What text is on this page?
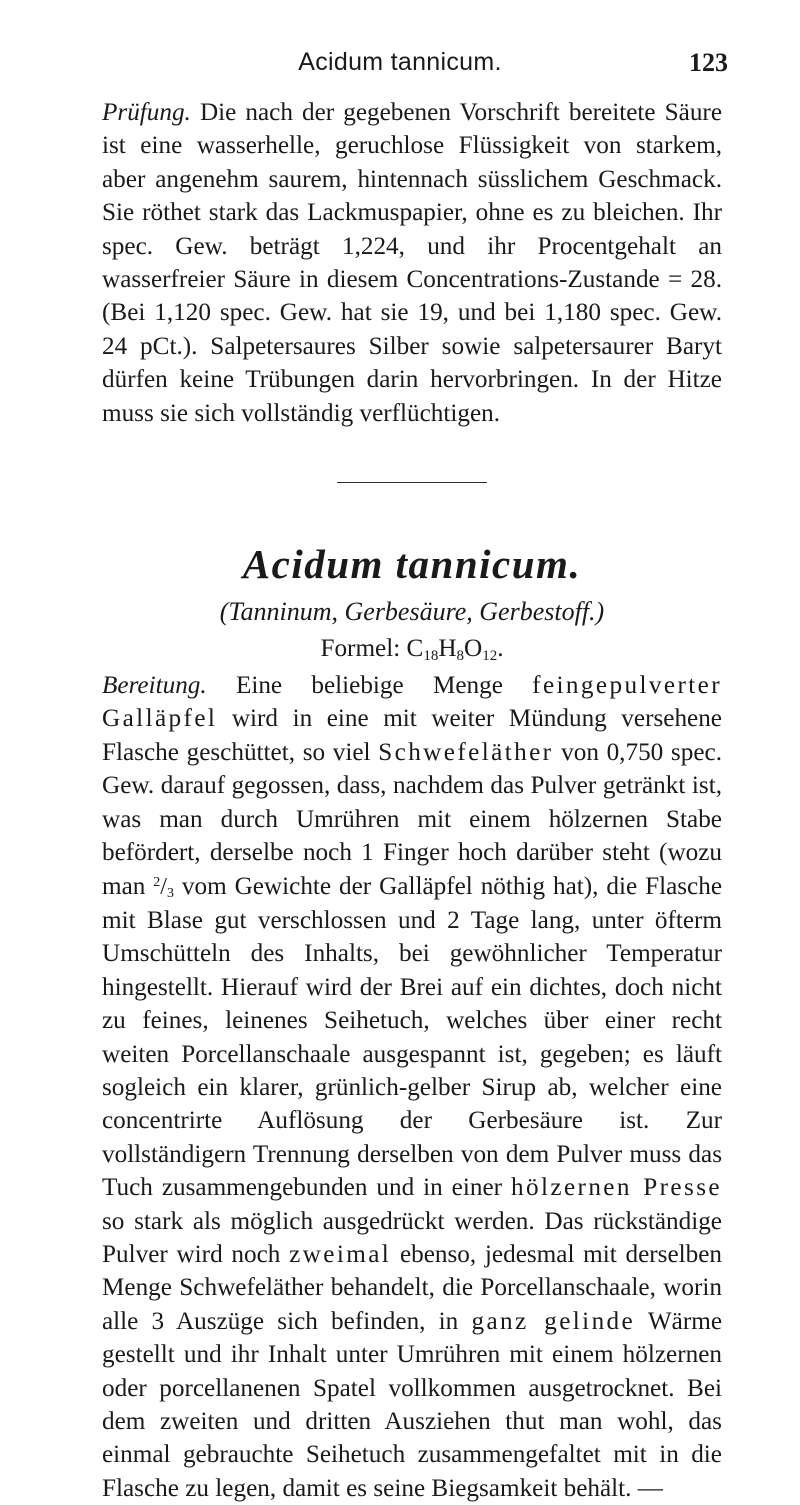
Acidum tannicum.	123

Prüfung. Die nach der gegebenen Vorschrift bereitete Säure ist eine wasserhelle, geruchlose Flüssigkeit von starkem, aber angenehm saurem, hintennach süsslichem Geschmack. Sie röthet stark das Lackmuspapier, ohne es zu bleichen. Ihr spec. Gew. beträgt 1,224, und ihr Procentgehalt an wasserfreier Säure in diesem Concentrations-Zustande = 28. (Bei 1,120 spec. Gew. hat sie 19, und bei 1,180 spec. Gew. 24 pCt.). Salpetersaures Silber sowie salpetersaurer Baryt dürfen keine Trübungen darin hervorbringen. In der Hitze muss sie sich vollständig verflüchtigen.

Acidum tannicum.
(Tanninum, Gerbesäure, Gerbestoff.)
Formel: $C_{18}H_8O_{12}$.

Bereitung. Eine beliebige Menge feingepulverter Galläpfel wird in eine mit weiter Mündung versehene Flasche geschüttet, so viel Schwefeläther von 0,750 spec. Gew. darauf gegossen, dass, nachdem das Pulver getränkt ist, was man durch Umrühren mit einem hölzernen Stabe befördert, derselbe noch 1 Finger hoch darüber steht (wozu man $^2/_3$ vom Gewichte der Galläpfel nöthig hat), die Flasche mit Blase gut verschlossen und 2 Tage lang, unter öfterm Umschütteln des Inhalts, bei gewöhnlicher Temperatur hingestellt. Hierauf wird der Brei auf ein dichtes, doch nicht zu feines, leinenes Seihetuch, welches über einer recht weiten Porcellanschaale ausgespannt ist, gegeben; es läuft sogleich ein klarer, grünlich-gelber Sirup ab, welcher eine concentrirte Auflösung der Gerbesäure ist. Zur vollständigern Trennung derselben von dem Pulver muss das Tuch zusammengebunden und in einer hölzernen Presse so stark als möglich ausgedrückt werden. Das rückständige Pulver wird noch zweimal ebenso, jedesmal mit derselben Menge Schwefeläther behandelt, die Porcellanschaale, worin alle 3 Auszüge sich befinden, in ganz gelinde Wärme gestellt und ihr Inhalt unter Umrühren mit einem hölzernen oder porcellanenen Spatel vollkommen ausgetrocknet. Bei dem zweiten und dritten Ausziehen thut man wohl, das einmal gebrauchte Seihetuch zusammengefaltet mit in die Flasche zu legen, damit es seine Biegsamkeit behält. —
